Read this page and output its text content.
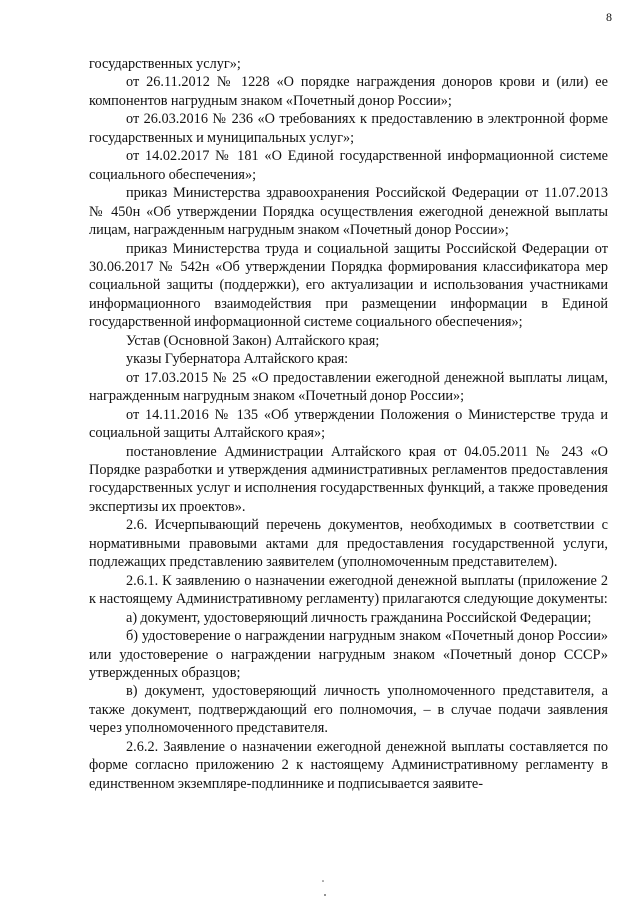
8

государственных услуг»;

от 26.11.2012 № 1228 «О порядке награждения доноров крови и (или) ее компонентов нагрудным знаком «Почетный донор России»;

от 26.03.2016 № 236 «О требованиях к предоставлению в электронной форме государственных и муниципальных услуг»;

от 14.02.2017 № 181 «О Единой государственной информационной системе социального обеспечения»;

приказ Министерства здравоохранения Российской Федерации от 11.07.2013 № 450н «Об утверждении Порядка осуществления ежегодной денежной выплаты лицам, награжденным нагрудным знаком «Почетный донор России»;

приказ Министерства труда и социальной защиты Российской Федерации от 30.06.2017 № 542н «Об утверждении Порядка формирования классификатора мер социальной защиты (поддержки), его актуализации и использования участниками информационного взаимодействия при размещении информации в Единой государственной информационной системе социального обеспечения»;

Устав (Основной Закон) Алтайского края;

указы Губернатора Алтайского края:

от 17.03.2015 № 25 «О предоставлении ежегодной денежной выплаты лицам, награжденным нагрудным знаком «Почетный донор России»;

от 14.11.2016 № 135 «Об утверждении Положения о Министерстве труда и социальной защиты Алтайского края»;

постановление Администрации Алтайского края от 04.05.2011 № 243 «О Порядке разработки и утверждения административных регламентов предоставления государственных услуг и исполнения государственных функций, а также проведения экспертизы их проектов».

2.6. Исчерпывающий перечень документов, необходимых в соответствии с нормативными правовыми актами для предоставления государственной услуги, подлежащих представлению заявителем (уполномоченным представителем).

2.6.1. К заявлению о назначении ежегодной денежной выплаты (приложение 2 к настоящему Административному регламенту) прилагаются следующие документы:

а) документ, удостоверяющий личность гражданина Российской Федерации;

б) удостоверение о награждении нагрудным знаком «Почетный донор России» или удостоверение о награждении нагрудным знаком «Почетный донор СССР» утвержденных образцов;

в) документ, удостоверяющий личность уполномоченного представителя, а также документ, подтверждающий его полномочия, – в случае подачи заявления через уполномоченного представителя.

2.6.2. Заявление о назначении ежегодной денежной выплаты составляется по форме согласно приложению 2 к настоящему Административному регламенту в единственном экземпляре-подлиннике и подписывается заявите-
